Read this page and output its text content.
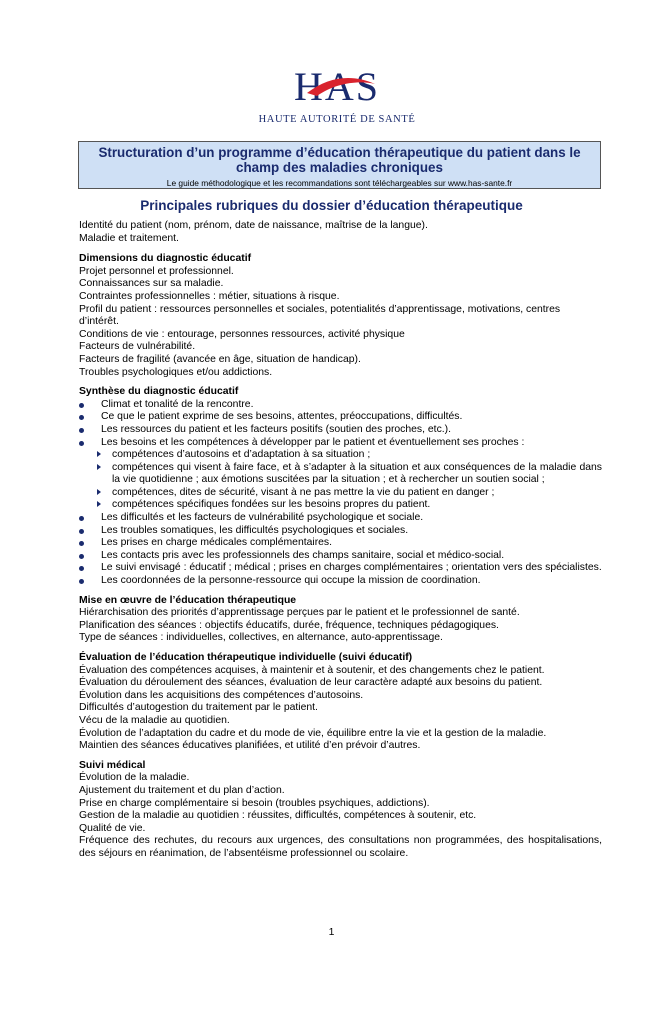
HAS
HAUTE AUTORITÉ DE SANTÉ
Structuration d’un programme d’éducation thérapeutique du patient dans le champ des maladies chroniques
Le guide méthodologique et les recommandations sont téléchargeables sur www.has-sante.fr
Principales rubriques du dossier d’éducation thérapeutique

Identité du patient (nom, prénom, date de naissance, maîtrise de la langue).

Maladie et traitement.

Dimensions du diagnostic éducatif

Projet personnel et professionnel.

Connaissances sur sa maladie.

Contraintes professionnelles : métier, situations à risque.

Profil du patient : ressources personnelles et sociales, potentialités d’apprentissage, motivations, centres d’intérêt.

Conditions de vie : entourage, personnes ressources, activité physique

Facteurs de vulnérabilité.

Facteurs de fragilité (avancée en âge, situation de handicap).

Troubles psychologiques et/ou addictions.

Synthèse du diagnostic éducatif

Climat et tonalité de la rencontre.
Ce que le patient exprime de ses besoins, attentes, préoccupations, difficultés.
Les ressources du patient et les facteurs positifs (soutien des proches, etc.).
Les besoins et les compétences à développer par le patient et éventuellement ses proches :
compétences d’autosoins et d’adaptation à sa situation ;
compétences qui visent à faire face, et à s’adapter à la situation et aux conséquences de la maladie dans la vie quotidienne ; aux émotions suscitées par la situation ; et à rechercher un soutien social ;
compétences, dites de sécurité, visant à ne pas mettre la vie du patient en danger ;
compétences spécifiques fondées sur les besoins propres du patient.
Les difficultés et les facteurs de vulnérabilité psychologique et sociale.
Les troubles somatiques, les difficultés psychologiques et sociales.
Les prises en charge médicales complémentaires.
Les contacts pris avec les professionnels des champs sanitaire, social et médico-social.
Le suivi envisagé : éducatif ; médical ; prises en charges complémentaires ; orientation vers des spécialistes.
Les coordonnées de la personne-ressource qui occupe la mission de coordination.

Mise en œuvre de l’éducation thérapeutique

Hiérarchisation des priorités d’apprentissage perçues par le patient et le professionnel de santé.

Planification des séances : objectifs éducatifs, durée, fréquence, techniques pédagogiques.

Type de séances : individuelles, collectives, en alternance, auto-apprentissage.

Évaluation de l’éducation thérapeutique individuelle (suivi éducatif)

Évaluation des compétences acquises, à maintenir et à soutenir, et des changements chez le patient.

Évaluation du déroulement des séances, évaluation de leur caractère adapté aux besoins du patient.

Évolution dans les acquisitions des compétences d’autosoins.

Difficultés d’autogestion du traitement par le patient.

Vécu de la maladie au quotidien.

Évolution de l’adaptation du cadre et du mode de vie, équilibre entre la vie et la gestion de la maladie.

Maintien des séances éducatives planifiées, et utilité d’en prévoir d’autres.

Suivi médical

Évolution de la maladie.

Ajustement du traitement et du plan d’action.

Prise en charge complémentaire si besoin (troubles psychiques, addictions).

Gestion de la maladie au quotidien : réussites, difficultés, compétences à soutenir, etc.

Qualité de vie.

Fréquence des rechutes, du recours aux urgences, des consultations non programmées, des hospitalisations, des séjours en réanimation, de l’absentéisme professionnel ou scolaire.

1
